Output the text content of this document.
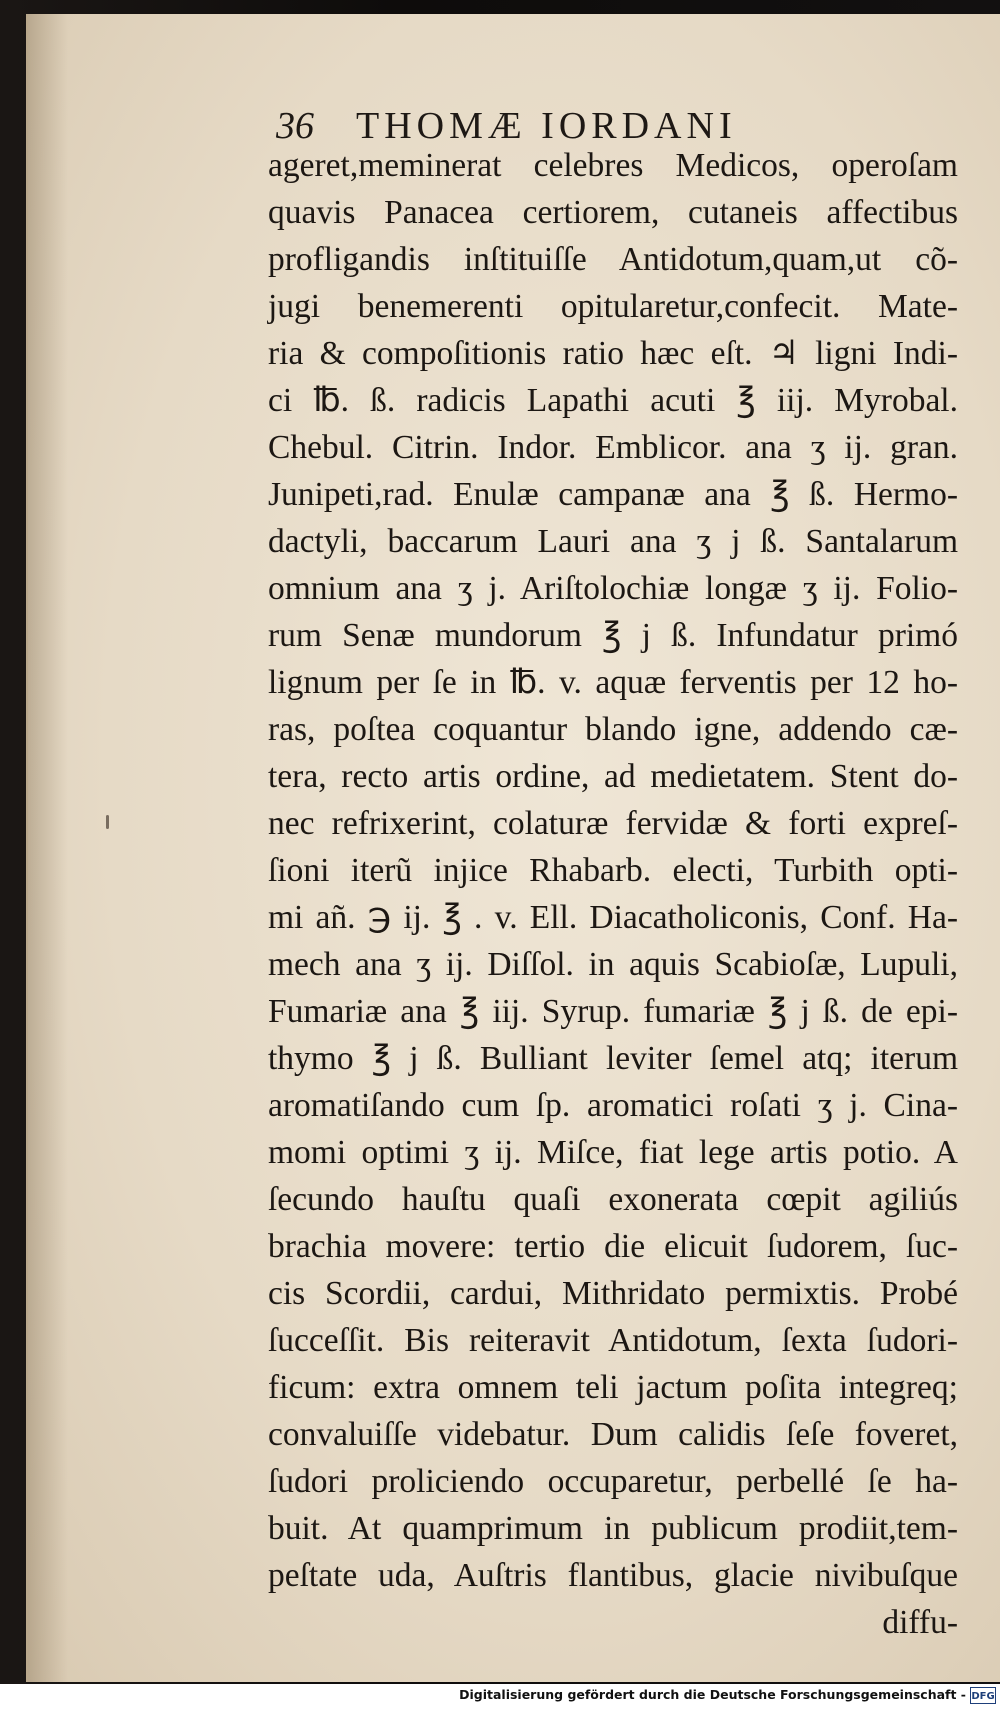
36 THOMÆ IORDANI
ageret,meminerat celebres Medicos, operoſam
quavis Panacea certiorem, cutaneis affectibus
profligandis inſtituiſſe Antidotum,quam,ut cõ-
jugi benemerenti opitularetur,confecit. Mate-
ria & compoſitionis ratio hæc eſt. ♃ ligni Indi-
ci ℔. ß. radicis Lapathi acuti ℥ iij. Myrobal.
Chebul. Citrin. Indor. Emblicor. ana ʒ ij. gran.
Junipeti,rad. Enulæ campanæ ana ℥ ß. Hermo-
dactyli, baccarum Lauri ana ʒ j ß. Santalarum
omnium ana ʒ j. Ariſtolochiæ longæ ʒ ij. Folio-
rum Senæ mundorum ℥ j ß. Infundatur primó
lignum per ſe in ℔. v. aquæ ferventis per 12 ho-
ras, poſtea coquantur blando igne, addendo cæ-
tera, recto artis ordine, ad medietatem. Stent do-
nec refrixerint, colaturæ fervidæ & forti expreſ-
ſioni iterũ injice Rhabarb. electi, Turbith opti-
mi añ. ℈ ij. ℥ . v. Ell. Diacatholiconis, Conf. Ha-
mech ana ʒ ij. Diſſol. in aquis Scabioſæ, Lupuli,
Fumariæ ana ℥ iij. Syrup. fumariæ ℥ j ß. de epi-
thymo ℥ j ß. Bulliant leviter ſemel atq; iterum
aromatiſando cum ſp. aromatici roſati ʒ j. Cina-
momi optimi ʒ ij. Miſce, fiat lege artis potio. A
ſecundo hauſtu quaſi exonerata cœpit agiliús
brachia movere: tertio die elicuit ſudorem, ſuc-
cis Scordii, cardui, Mithridato permixtis. Probé
ſucceſſit. Bis reiteravit Antidotum, ſexta ſudori-
ficum: extra omnem teli jactum poſita integreq;
convaluiſſe videbatur. Dum calidis ſeſe foveret,
ſudori proliciendo occuparetur, perbellé ſe ha-
buit. At quamprimum in publicum prodiit,tem-
peſtate uda, Auſtris flantibus, glacie nivibuſque
diffu-
Digitalisierung gefördert durch die Deutsche Forschungsgemeinschaft - DFG
